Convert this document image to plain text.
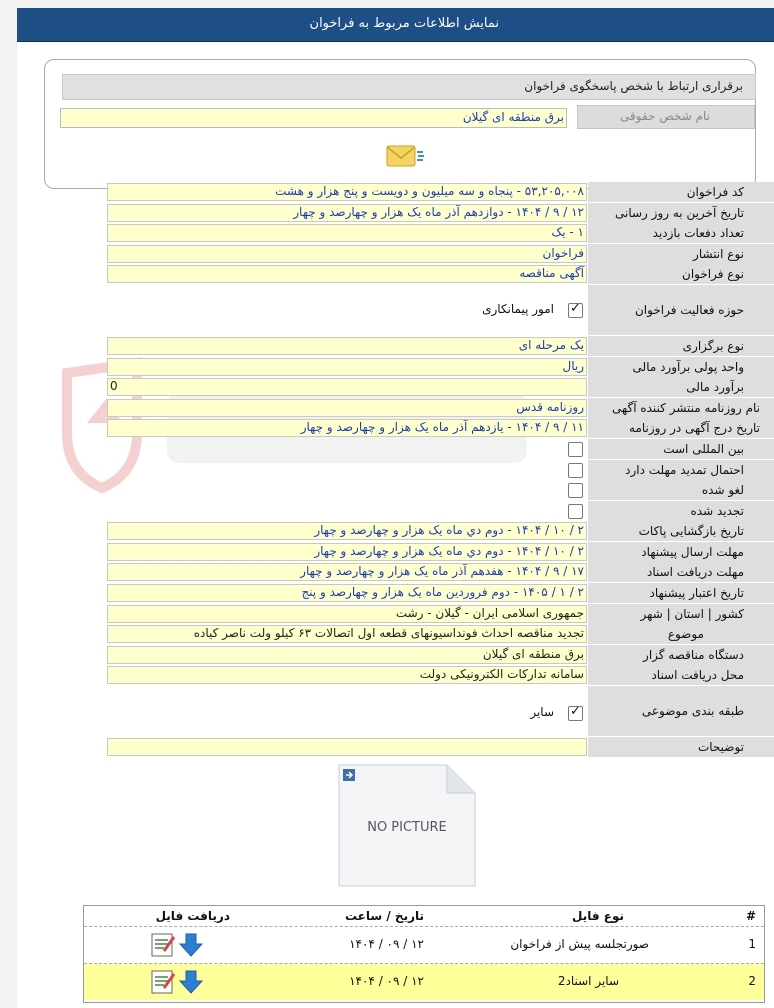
نمایش اطلاعات مربوط به فراخوان
برقراری ارتباط با شخص پاسخگوی فراخوان
نام شخص حقوقی
برق منطقه ای گیلان
کد فراخوان
۵۳,۲۰۵,۰۰۸ - پنجاه و سه میلیون و دویست و پنج هزار و هشت
تاریخ آخرین به روز رسانی
۱۲ / ۹ / ۱۴۰۴ - دوازدهم آذر ماه یک هزار و چهارصد و چهار
تعداد دفعات بازدید
۱ - یک
نوع انتشار
فراخوان
نوع فراخوان
آگهی مناقصه
حوزه فعالیت فراخوان
✓
امور پیمانکاری
نوع برگزاری
یک مرحله ای
واحد پولی برآورد مالی
ریال
برآورد مالی
0
نام روزنامه منتشر کننده آگهی
روزنامه قدس
تاریخ درج آگهی در روزنامه
۱۱ / ۹ / ۱۴۰۴ - یازدهم آذر ماه یک هزار و چهارصد و چهار
بین المللی است
احتمال تمدید مهلت دارد
لغو شده
تجدید شده
تاریخ بازگشایی پاکات
۲ / ۱۰ / ۱۴۰۴ - دوم دي ماه یک هزار و چهارصد و چهار
مهلت ارسال پیشنهاد
۲ / ۱۰ / ۱۴۰۴ - دوم دي ماه یک هزار و چهارصد و چهار
مهلت دریافت اسناد
۱۷ / ۹ / ۱۴۰۴ - هفدهم آذر ماه یک هزار و چهارصد و چهار
تاریخ اعتبار پیشنهاد
۲ / ۱ / ۱۴۰۵ - دوم فروردین ماه یک هزار و چهارصد و پنج
کشور | استان | شهر
جمهوری اسلامی ایران - گیلان - رشت
موضوع
تجدید مناقصه احداث فونداسیونهای قطعه اول اتصالات ۶۳ کیلو ولت ناصر کیاده
دستگاه مناقصه گزار
برق منطقه ای گیلان
محل دریافت اسناد
سامانه تدارکات الکترونیکی دولت
طبقه بندی موضوعی
✓
سایر
توضیحات
NO PICTURE
#
نوع فایل
تاریخ / ساعت
دریافت فایل
1
صورتجلسه پیش از فراخوان
۱۲ / ۰۹ / ۱۴۰۴
2
سایر اسناد2
۱۲ / ۰۹ / ۱۴۰۴
